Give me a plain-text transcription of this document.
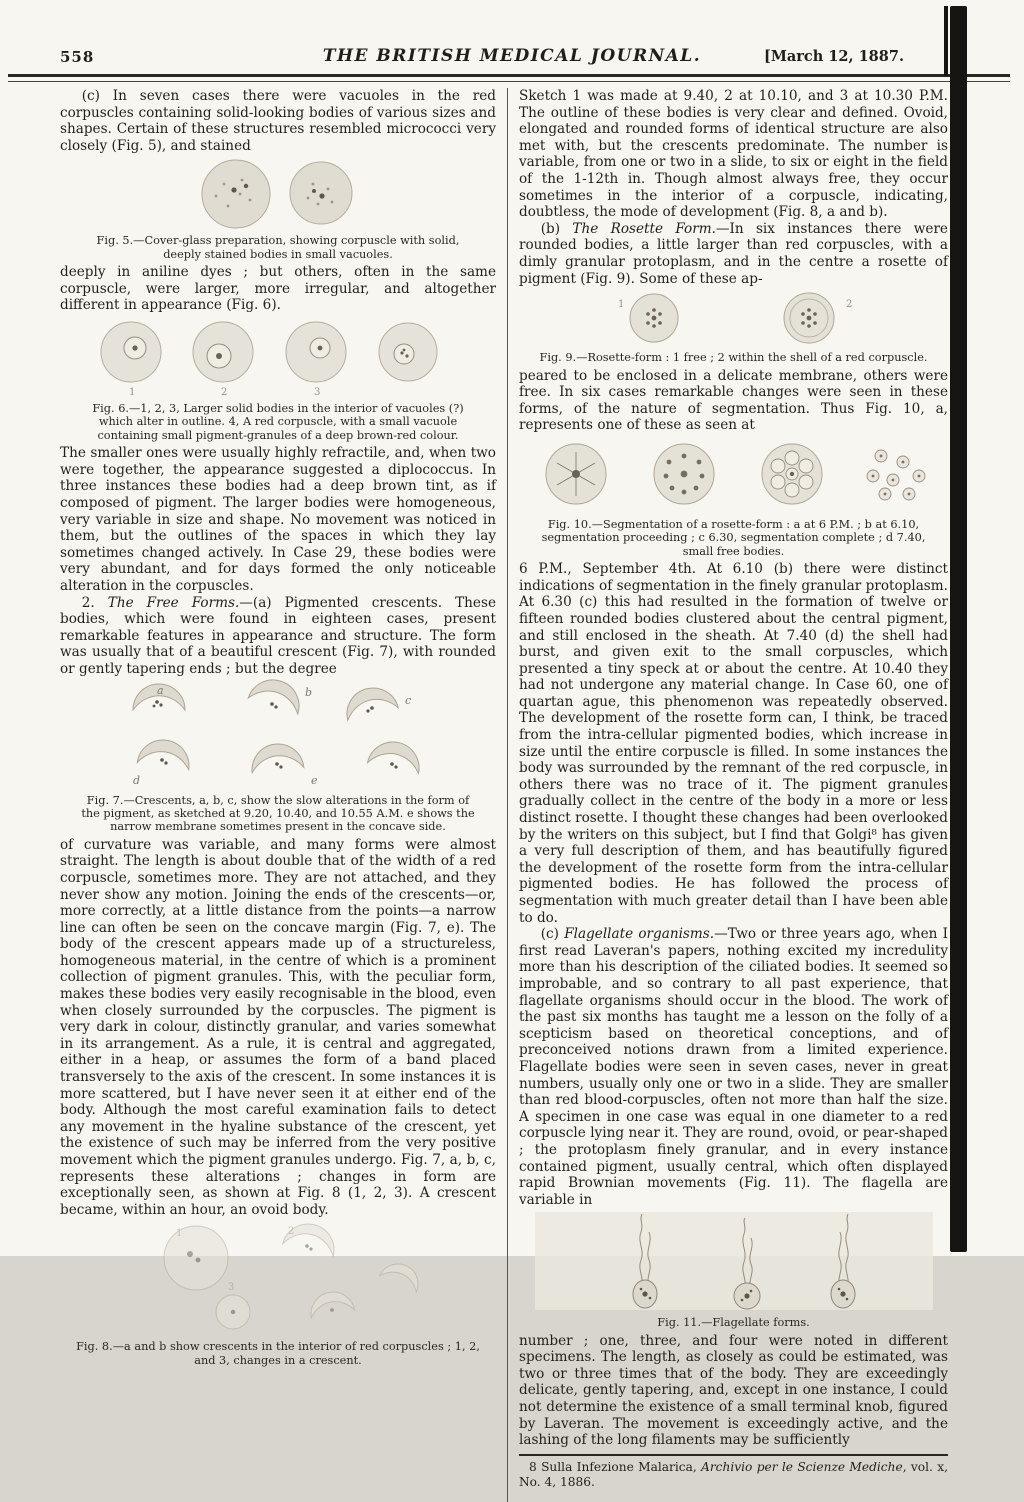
558	THE BRITISH MEDICAL JOURNAL.	[March 12, 1887.

(c) In seven cases there were vacuoles in the red corpuscles containing solid-looking bodies of various sizes and shapes. Certain of these structures resembled micrococci very closely (Fig. 5), and stained

Fig. 5.—Cover-glass preparation, showing corpuscle with solid, deeply stained bodies in small vacuoles.

deeply in aniline dyes ; but others, often in the same corpuscle, were larger, more irregular, and altogether different in appearance (Fig. 6).

1	2	3

Fig. 6.—1, 2, 3, Larger solid bodies in the interior of vacuoles (?) which alter in outline. 4, A red corpuscle, with a small vacuole containing small pigment-granules of a deep brown-red colour.

The smaller ones were usually highly refractile, and, when two were together, the appearance suggested a diplococcus. In three instances these bodies had a deep brown tint, as if composed of pigment. The larger bodies were homogeneous, very variable in size and shape. No movement was noticed in them, but the outlines of the spaces in which they lay sometimes changed actively. In Case 29, these bodies were very abundant, and for days formed the only noticeable alteration in the corpuscles.

2. The Free Forms.—(a) Pigmented crescents. These bodies, which were found in eighteen cases, present remarkable features in appearance and structure. The form was usually that of a beautiful crescent (Fig. 7), with rounded or gently tapering ends ; but the degree

a	b
c
d	e

Fig. 7.—Crescents, a, b, c, show the slow alterations in the form of the pigment, as sketched at 9.20, 10.40, and 10.55 A.M. e shows the narrow membrane sometimes present in the concave side.

of curvature was variable, and many forms were almost straight. The length is about double that of the width of a red corpuscle, sometimes more. They are not attached, and they never show any motion. Joining the ends of the crescents—or, more correctly, at a little distance from the points—a narrow line can often be seen on the concave margin (Fig. 7, e). The body of the crescent appears made up of a structureless, homogeneous material, in the centre of which is a prominent collection of pigment granules. This, with the peculiar form, makes these bodies very easily recognisable in the blood, even when closely surrounded by the corpuscles. The pigment is very dark in colour, distinctly granular, and varies somewhat in its arrangement. As a rule, it is central and aggregated, either in a heap, or assumes the form of a band placed transversely to the axis of the crescent. In some instances it is more scattered, but I have never seen it at either end of the body. Although the most careful examination fails to detect any movement in the hyaline substance of the crescent, yet the existence of such may be inferred from the very positive movement which the pigment granules undergo. Fig. 7, a, b, c, represents these alterations ; changes in form are exceptionally seen, as shown at Fig. 8 (1, 2, 3). A crescent became, within an hour, an ovoid body.

1	2
3

Fig. 8.—a and b show crescents in the interior of red corpuscles ; 1, 2, and 3, changes in a crescent.

Sketch 1 was made at 9.40, 2 at 10.10, and 3 at 10.30 P.M. The outline of these bodies is very clear and defined. Ovoid, elongated and rounded forms of identical structure are also met with, but the crescents predominate. The number is variable, from one or two in a slide, to six or eight in the field of the 1-12th in. Though almost always free, they occur sometimes in the interior of a corpuscle, indicating, doubtless, the mode of development (Fig. 8, a and b).

(b) The Rosette Form.—In six instances there were rounded bodies, a little larger than red corpuscles, with a dimly granular protoplasm, and in the centre a rosette of pigment (Fig. 9). Some of these ap-

1	2

Fig. 9.—Rosette-form : 1 free ; 2 within the shell of a red corpuscle.

peared to be enclosed in a delicate membrane, others were free. In six cases remarkable changes were seen in these forms, of the nature of segmentation. Thus Fig. 10, a, represents one of these as seen at

Fig. 10.—Segmentation of a rosette-form : a at 6 P.M. ; b at 6.10, segmentation proceeding ; c 6.30, segmentation complete ; d 7.40, small free bodies.

6 P.M., September 4th. At 6.10 (b) there were distinct indications of segmentation in the finely granular protoplasm. At 6.30 (c) this had resulted in the formation of twelve or fifteen rounded bodies clustered about the central pigment, and still enclosed in the sheath. At 7.40 (d) the shell had burst, and given exit to the small corpuscles, which presented a tiny speck at or about the centre. At 10.40 they had not undergone any material change. In Case 60, one of quartan ague, this phenomenon was repeatedly observed. The development of the rosette form can, I think, be traced from the intra-cellular pigmented bodies, which increase in size until the entire corpuscle is filled. In some instances the body was surrounded by the remnant of the red corpuscle, in others there was no trace of it. The pigment granules gradually collect in the centre of the body in a more or less distinct rosette. I thought these changes had been overlooked by the writers on this subject, but I find that Golgi⁸ has given a very full description of them, and has beautifully figured the development of the rosette form from the intra-cellular pigmented bodies. He has followed the process of segmentation with much greater detail than I have been able to do.

(c) Flagellate organisms.—Two or three years ago, when I first read Laveran's papers, nothing excited my incredulity more than his description of the ciliated bodies. It seemed so improbable, and so contrary to all past experience, that flagellate organisms should occur in the blood. The work of the past six months has taught me a lesson on the folly of a scepticism based on theoretical conceptions, and of preconceived notions drawn from a limited experience. Flagellate bodies were seen in seven cases, never in great numbers, usually only one or two in a slide. They are smaller than red blood-corpuscles, often not more than half the size. A specimen in one case was equal in one diameter to a red corpuscle lying near it. They are round, ovoid, or pear-shaped ; the protoplasm finely granular, and in every instance contained pigment, usually central, which often displayed rapid Brownian movements (Fig. 11). The flagella are variable in

Fig. 11.—Flagellate forms.

number ; one, three, and four were noted in different specimens. The length, as closely as could be estimated, was two or three times that of the body. They are exceedingly delicate, gently tapering, and, except in one instance, I could not determine the existence of a small terminal knob, figured by Laveran. The movement is exceedingly active, and the lashing of the long filaments may be sufficiently

8 Sulla Infezione Malarica, Archivio per le Scienze Mediche, vol. x, No. 4, 1886.
